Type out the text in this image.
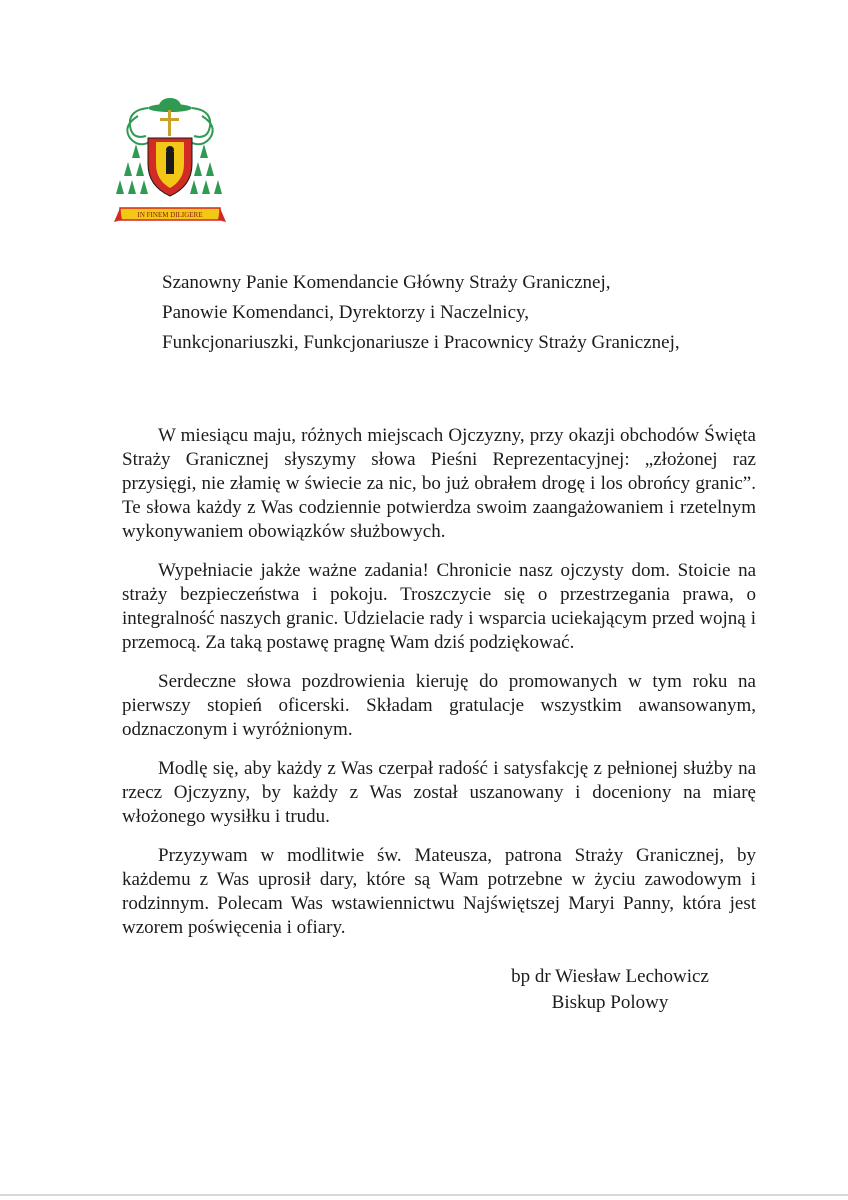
IN FINEM DILIGERE
Szanowny Panie Komendancie Główny Straży Granicznej,
Panowie Komendanci, Dyrektorzy i Naczelnicy,
Funkcjonariuszki, Funkcjonariusze i Pracownicy Straży Granicznej,

W miesiącu maju, różnych miejscach Ojczyzny, przy okazji obchodów Święta Straży Granicznej słyszymy słowa Pieśni Reprezentacyjnej: „złożonej raz przysięgi, nie złamię w świecie za nic, bo już obrałem drogę i los obrońcy granic”. Te słowa każdy z Was codziennie potwierdza swoim zaangażowaniem i rzetelnym wykonywaniem obowiązków służbowych.

Wypełniacie jakże ważne zadania! Chronicie nasz ojczysty dom. Stoicie na straży bezpieczeństwa i pokoju. Troszczycie się o przestrzegania prawa, o integralność naszych granic. Udzielacie rady i wsparcia uciekającym przed wojną i przemocą. Za taką postawę pragnę Wam dziś podziękować.

Serdeczne słowa pozdrowienia kieruję do promowanych w tym roku na pierwszy stopień oficerski. Składam gratulacje wszystkim awansowanym, odznaczonym i wyróżnionym.

Modlę się, aby każdy z Was czerpał radość i satysfakcję z pełnionej służby na rzecz Ojczyzny, by każdy z Was został uszanowany i doceniony na miarę włożonego wysiłku i trudu.

Przyzywam w modlitwie św. Mateusza, patrona Straży Granicznej, by każdemu z Was uprosił dary, które są Wam potrzebne w życiu zawodowym i rodzinnym. Polecam Was wstawiennictwu Najświętszej Maryi Panny, która jest wzorem poświęcenia i ofiary.

bp dr Wiesław Lechowicz
Biskup Polowy
